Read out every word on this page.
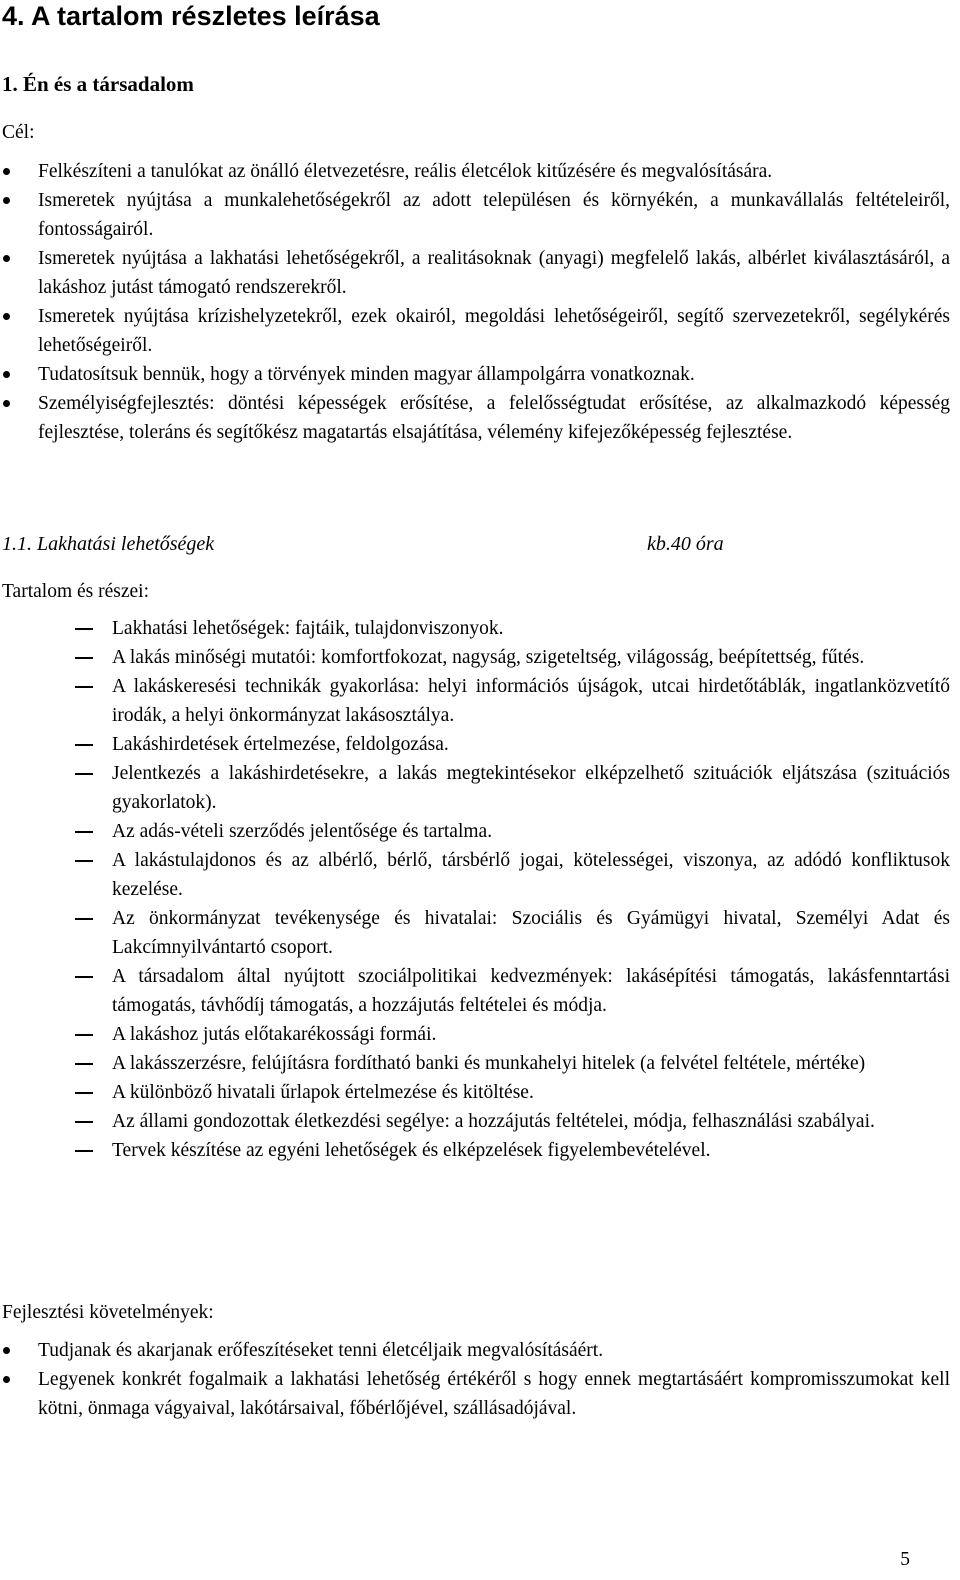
4. A tartalom részletes leírása
1. Én és a társadalom
Cél:
Felkészíteni a tanulókat az önálló életvezetésre, reális életcélok kitűzésére és megvalósítására.
Ismeretek nyújtása a munkalehetőségekről az adott településen és környékén, a munkavállalás feltételeiről, fontosságairól.
Ismeretek nyújtása a lakhatási lehetőségekről, a realitásoknak (anyagi) megfelelő lakás, albérlet kiválasztásáról, a lakáshoz jutást támogató rendszerekről.
Ismeretek nyújtása krízishelyzetekről, ezek okairól, megoldási lehetőségeiről, segítő szervezetekről, segélykérés lehetőségeiről.
Tudatosítsuk bennük, hogy a törvények minden magyar állampolgárra vonatkoznak.
Személyiségfejlesztés: döntési képességek erősítése, a felelősségtudat erősítése, az alkalmazkodó képesség fejlesztése, toleráns és segítőkész magatartás elsajátítása, vélemény kifejezőképesség fejlesztése.
1.1. Lakhatási lehetőségek	kb.40 óra
Tartalom és részei:
Lakhatási lehetőségek: fajtáik, tulajdonviszonyok.
A lakás minőségi mutatói: komfortfokozat, nagyság, szigeteltség, világosság, beépítettség, fűtés.
A lakáskeresési technikák gyakorlása: helyi információs újságok, utcai hirdetőtáblák, ingatlanközvetítő irodák, a helyi önkormányzat lakásosztálya.
Lakáshirdetések értelmezése, feldolgozása.
Jelentkezés a lakáshirdetésekre, a lakás megtekintésekor elképzelhető szituációk eljátszása (szituációs gyakorlatok).
Az adás-vételi szerződés jelentősége és tartalma.
A lakástulajdonos és az albérlő, bérlő, társbérlő jogai, kötelességei, viszonya, az adódó konfliktusok kezelése.
Az önkormányzat tevékenysége és hivatalai: Szociális és Gyámügyi hivatal, Személyi Adat és Lakcímnyilvántartó csoport.
A társadalom által nyújtott szociálpolitikai kedvezmények: lakásépítési támogatás, lakásfenntartási támogatás, távhődíj támogatás, a hozzájutás feltételei és módja.
A lakáshoz jutás előtakarékossági formái.
A lakásszerzésre, felújításra fordítható banki és munkahelyi hitelek (a felvétel feltétele, mértéke)
A különböző hivatali űrlapok értelmezése és kitöltése.
Az állami gondozottak életkezdési segélye: a hozzájutás feltételei, módja, felhasználási szabályai.
Tervek készítése az egyéni lehetőségek és elképzelések figyelembevételével.
Fejlesztési követelmények:
Tudjanak és akarjanak erőfeszítéseket tenni életcéljaik megvalósításáért.
Legyenek konkrét fogalmaik a lakhatási lehetőség értékéről s hogy ennek megtartásáért kompromisszumokat kell kötni, önmaga vágyaival, lakótársaival, főbérlőjével, szállásadójával.
5
